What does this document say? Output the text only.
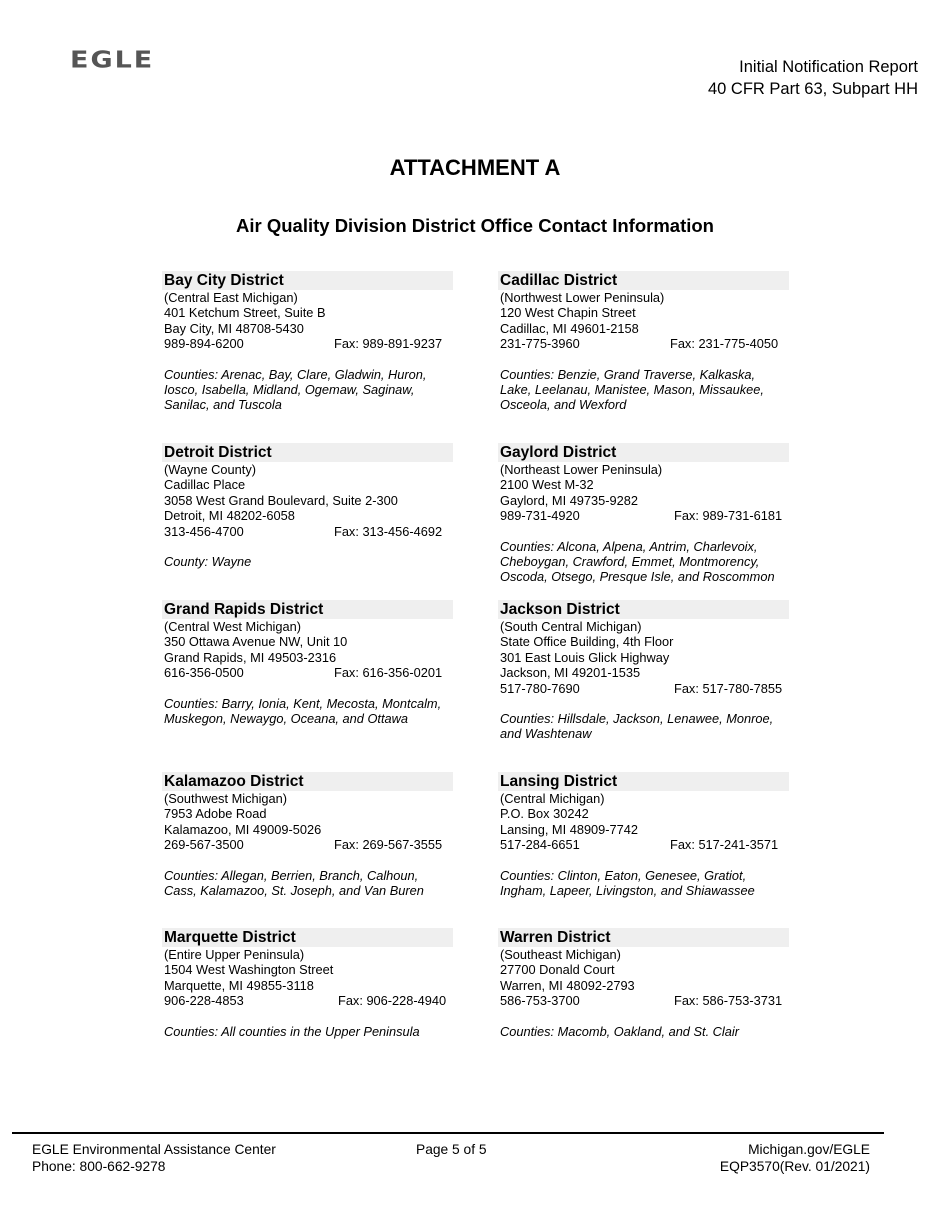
EGLE	Initial Notification Report
40 CFR Part 63, Subpart HH
ATTACHMENT A
Air Quality Division District Office Contact Information
Bay City District
(Central East Michigan)
401 Ketchum Street, Suite B
Bay City, MI 48708-5430
989-894-6200	Fax: 989-891-9237
Counties: Arenac, Bay, Clare, Gladwin, Huron, Iosco, Isabella, Midland, Ogemaw, Saginaw, Sanilac, and Tuscola
Cadillac District
(Northwest Lower Peninsula)
120 West Chapin Street
Cadillac, MI 49601-2158
231-775-3960	Fax: 231-775-4050
Counties: Benzie, Grand Traverse, Kalkaska, Lake, Leelanau, Manistee, Mason, Missaukee, Osceola, and Wexford
Detroit District
(Wayne County)
Cadillac Place
3058 West Grand Boulevard, Suite 2-300
Detroit, MI 48202-6058
313-456-4700	Fax: 313-456-4692
County: Wayne
Gaylord District
(Northeast Lower Peninsula)
2100 West M-32
Gaylord, MI 49735-9282
989-731-4920	Fax: 989-731-6181
Counties: Alcona, Alpena, Antrim, Charlevoix, Cheboygan, Crawford, Emmet, Montmorency, Oscoda, Otsego, Presque Isle, and Roscommon
Grand Rapids District
(Central West Michigan)
350 Ottawa Avenue NW, Unit 10
Grand Rapids, MI 49503-2316
616-356-0500	Fax: 616-356-0201
Counties: Barry, Ionia, Kent, Mecosta, Montcalm, Muskegon, Newaygo, Oceana, and Ottawa
Jackson District
(South Central Michigan)
State Office Building, 4th Floor
301 East Louis Glick Highway
Jackson, MI 49201-1535
517-780-7690	Fax: 517-780-7855
Counties: Hillsdale, Jackson, Lenawee, Monroe, and Washtenaw
Kalamazoo District
(Southwest Michigan)
7953 Adobe Road
Kalamazoo, MI 49009-5026
269-567-3500	Fax: 269-567-3555
Counties: Allegan, Berrien, Branch, Calhoun, Cass, Kalamazoo, St. Joseph, and Van Buren
Lansing District
(Central Michigan)
P.O. Box 30242
Lansing, MI 48909-7742
517-284-6651	Fax: 517-241-3571
Counties: Clinton, Eaton, Genesee, Gratiot, Ingham, Lapeer, Livingston, and Shiawassee
Marquette District
(Entire Upper Peninsula)
1504 West Washington Street
Marquette, MI 49855-3118
906-228-4853	Fax: 906-228-4940
Counties: All counties in the Upper Peninsula
Warren District
(Southeast Michigan)
27700 Donald Court
Warren, MI 48092-2793
586-753-3700	Fax: 586-753-3731
Counties: Macomb, Oakland, and St. Clair
EGLE Environmental Assistance Center
Phone: 800-662-9278
Page 5 of 5	Michigan.gov/EGLE
EQP3570(Rev. 01/2021)
